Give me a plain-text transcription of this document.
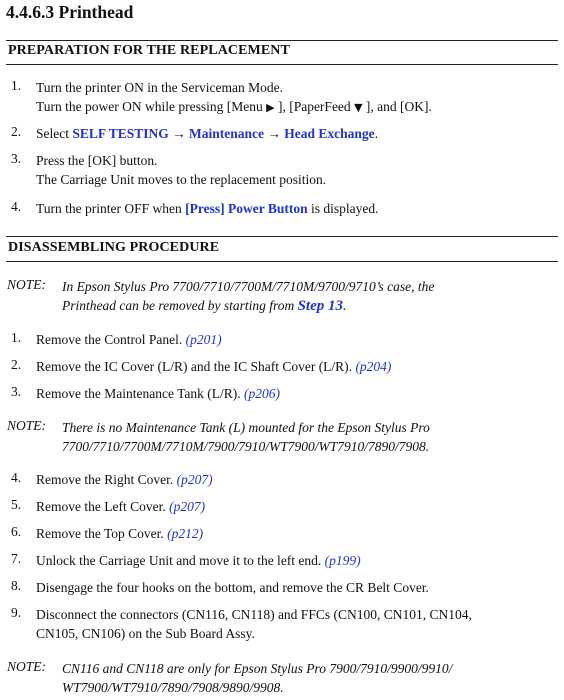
4.4.6.3 Printhead
PREPARATION FOR THE REPLACEMENT
1. Turn the printer ON in the Serviceman Mode.
Turn the power ON while pressing [Menu ▶ ], [PaperFeed ▼ ], and [OK].
2. Select SELF TESTING → Maintenance → Head Exchange.
3. Press the [OK] button.
The Carriage Unit moves to the replacement position.
4. Turn the printer OFF when [Press] Power Button is displayed.
DISASSEMBLING PROCEDURE
NOTE: In Epson Stylus Pro 7700/7710/7700M/7710M/9700/9710’s case, the
Printhead can be removed by starting from Step 13.
1. Remove the Control Panel. (p201)
2. Remove the IC Cover (L/R) and the IC Shaft Cover (L/R). (p204)
3. Remove the Maintenance Tank (L/R). (p206)
NOTE: There is no Maintenance Tank (L) mounted for the Epson Stylus Pro
7700/7710/7700M/7710M/7900/7910/WT7900/WT7910/7890/7908.
4. Remove the Right Cover. (p207)
5. Remove the Left Cover. (p207)
6. Remove the Top Cover. (p212)
7. Unlock the Carriage Unit and move it to the left end. (p199)
8. Disengage the four hooks on the bottom, and remove the CR Belt Cover.
9. Disconnect the connectors (CN116, CN118) and FFCs (CN100, CN101, CN104,
CN105, CN106) on the Sub Board Assy.
NOTE: CN116 and CN118 are only for Epson Stylus Pro 7900/7910/9900/9910/
WT7900/WT7910/7890/7908/9890/9908.
